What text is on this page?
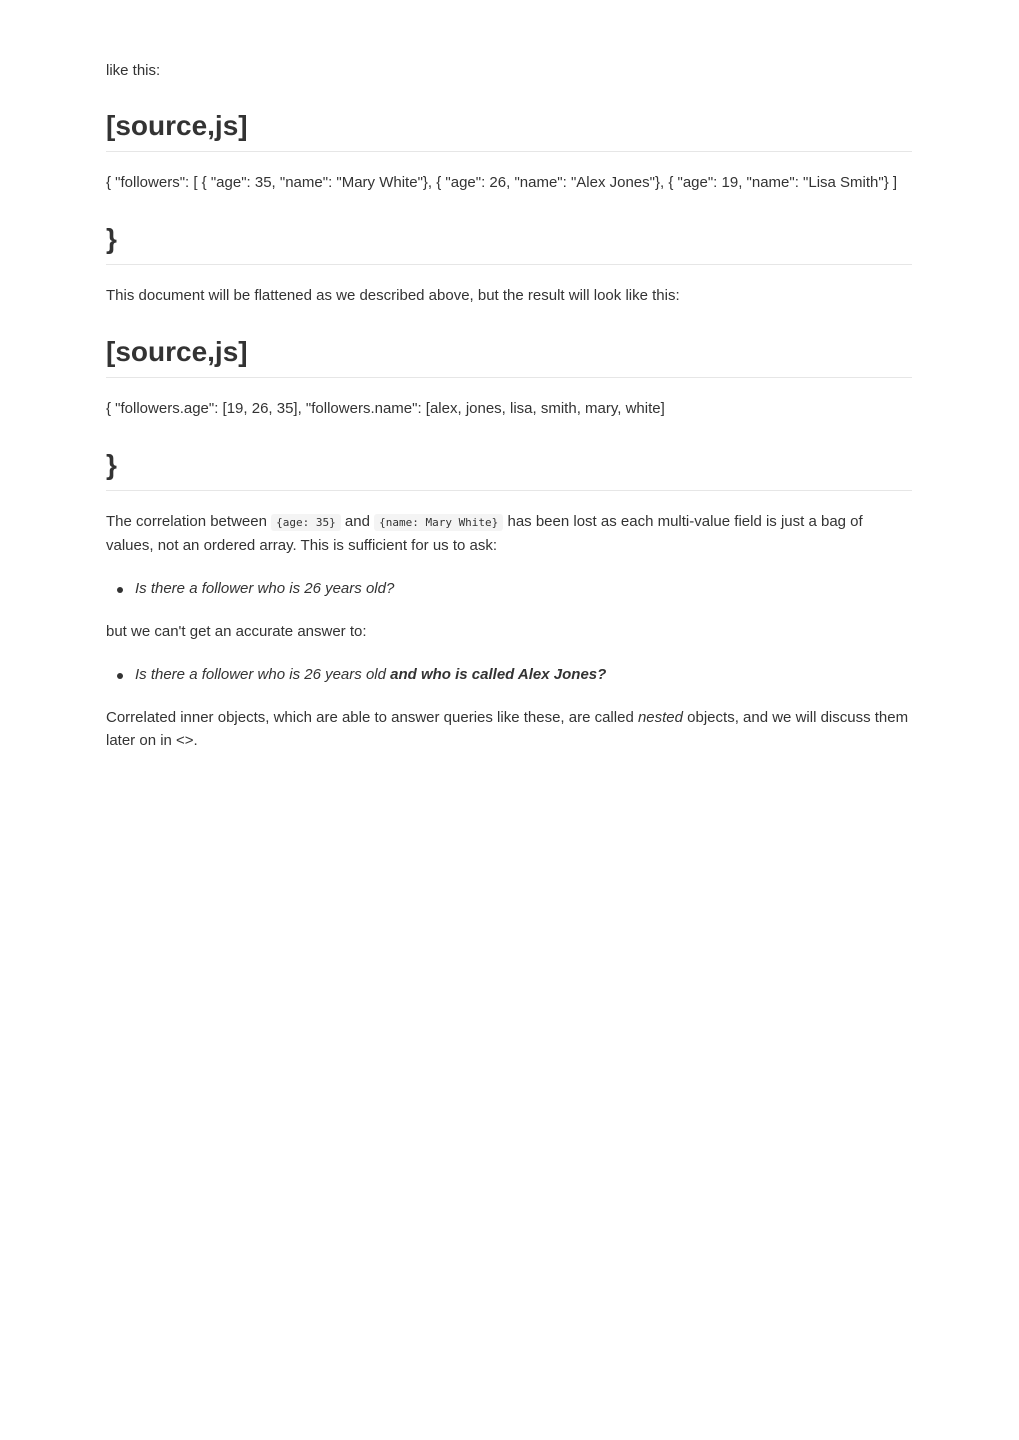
like this:

[source,js]

{ "followers": [ { "age": 35, "name": "Mary White"}, { "age": 26, "name": "Alex Jones"}, { "age": 19, "name": "Lisa Smith"} ]

}

This document will be flattened as we described above, but the result will look like this:

[source,js]

{ "followers.age": [19, 26, 35], "followers.name": [alex, jones, lisa, smith, mary, white]

}

The correlation between {age: 35} and {name: Mary White} has been lost as each multi-value field is just a bag of values, not an ordered array. This is sufficient for us to ask:

Is there a follower who is 26 years old?

but we can't get an accurate answer to:

Is there a follower who is 26 years old and who is called Alex Jones?

Correlated inner objects, which are able to answer queries like these, are called nested objects, and we will discuss them later on in <>.
